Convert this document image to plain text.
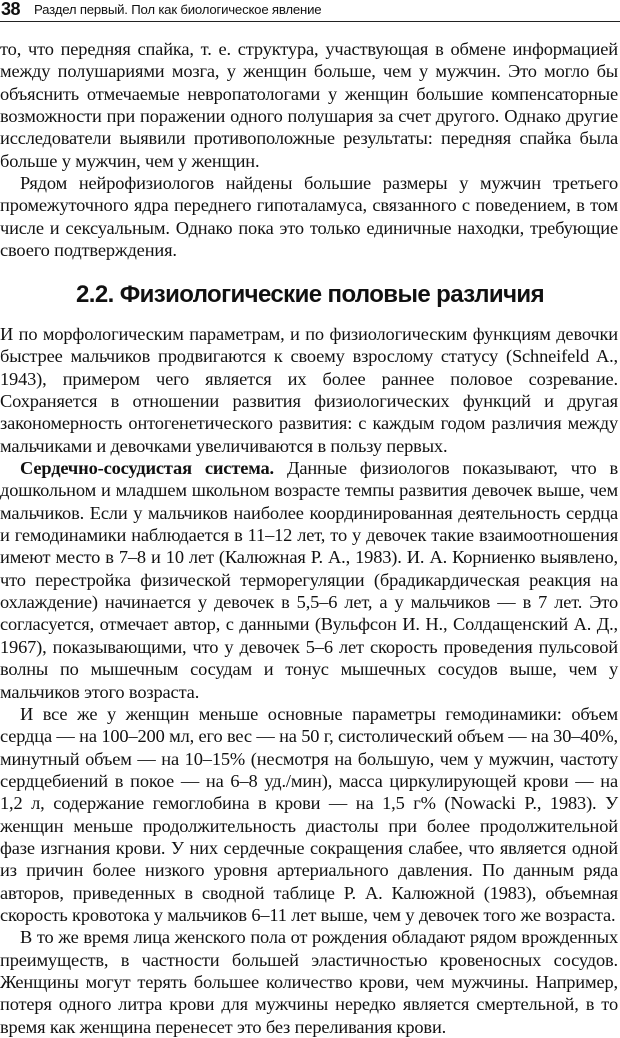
38 Раздел первый. Пол как биологическое явление

то, что передняя спайка, т. е. структура, участвующая в обмене информацией между полушариями мозга, у женщин больше, чем у мужчин. Это могло бы объяснить отмечаемые невропатологами у женщин большие компенсаторные возможности при поражении одного полушария за счет другого. Однако другие исследователи выявили противоположные результаты: передняя спайка была больше у мужчин, чем у женщин.

Рядом нейрофизиологов найдены большие размеры у мужчин третьего промежуточного ядра переднего гипоталамуса, связанного с поведением, в том числе и сексуальным. Однако пока это только единичные находки, требующие своего подтверждения.

2.2. Физиологические половые различия

И по морфологическим параметрам, и по физиологическим функциям девочки быстрее мальчиков продвигаются к своему взрослому статусу (Schneifeld A., 1943), примером чего является их более раннее половое созревание. Сохраняется в отношении развития физиологических функций и другая закономерность онтогенетического развития: с каждым годом различия между мальчиками и девочками увеличиваются в пользу первых.

Сердечно-сосудистая система. Данные физиологов показывают, что в дошкольном и младшем школьном возрасте темпы развития девочек выше, чем мальчиков. Если у мальчиков наиболее координированная деятельность сердца и гемодинамики наблюдается в 11–12 лет, то у девочек такие взаимоотношения имеют место в 7–8 и 10 лет (Калюжная Р. А., 1983). И. А. Корниенко выявлено, что перестройка физической терморегуляции (брадикардическая реакция на охлаждение) начинается у девочек в 5,5–6 лет, а у мальчиков — в 7 лет. Это согласуется, отмечает автор, с данными (Вульфсон И. Н., Солдащенский А. Д., 1967), показывающими, что у девочек 5–6 лет скорость проведения пульсовой волны по мышечным сосудам и тонус мышечных сосудов выше, чем у мальчиков этого возраста.

И все же у женщин меньше основные параметры гемодинамики: объем сердца — на 100–200 мл, его вес — на 50 г, систолический объем — на 30–40%, минутный объем — на 10–15% (несмотря на большую, чем у мужчин, частоту сердцебиений в покое — на 6–8 уд./мин), масса циркулирующей крови — на 1,2 л, содержание гемоглобина в крови — на 1,5 г% (Nowacki P., 1983). У женщин меньше продолжительность диастолы при более продолжительной фазе изгнания крови. У них сердечные сокращения слабее, что является одной из причин более низкого уровня артериального давления. По данным ряда авторов, приведенных в сводной таблице Р. А. Калюжной (1983), объемная скорость кровотока у мальчиков 6–11 лет выше, чем у девочек того же возраста.

В то же время лица женского пола от рождения обладают рядом врожденных преимуществ, в частности большей эластичностью кровеносных сосудов. Женщины могут терять большее количество крови, чем мужчины. Например, потеря одного литра крови для мужчины нередко является смертельной, в то время как женщина перенесет это без переливания крови.
